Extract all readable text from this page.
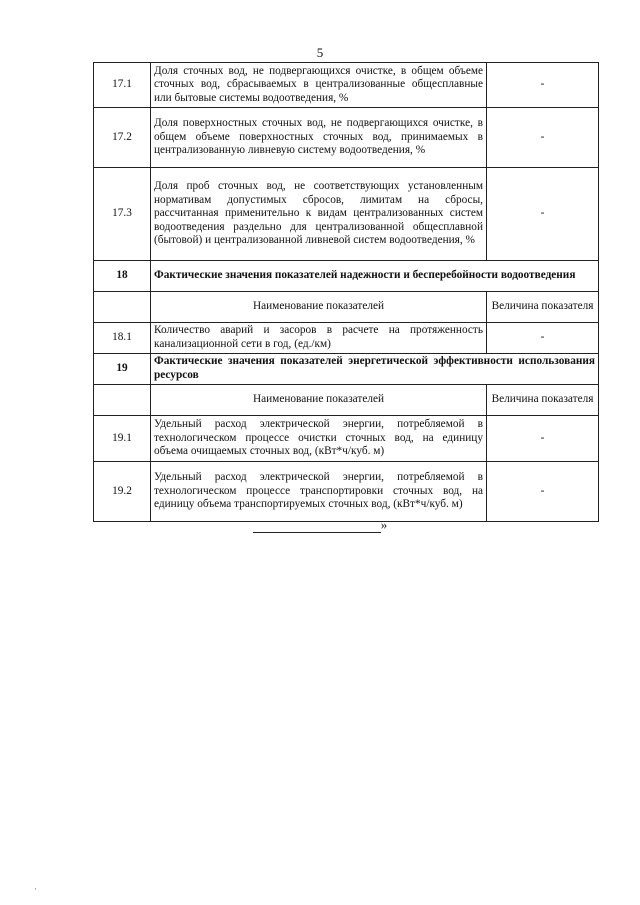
5
17.1	Доля сточных вод, не подвергающихся очистке, в общем объеме сточных вод, сбрасываемых в централизованные общесплавные или бытовые системы водоотведения, %	-
17.2	Доля поверхностных сточных вод, не подвергающихся очистке, в общем объеме поверхностных сточных вод, принимаемых в централизованную ливневую систему водоотведения, %	-
17.3	Доля проб сточных вод, не соответствующих установленным нормативам допустимых сбросов, лимитам на сбросы, рассчитанная применительно к видам централизованных систем водоотведения раздельно для централизованной общесплавной (бытовой) и централизованной ливневой систем водоотведения, %	-
18	Фактические значения показателей надежности и бесперебойности водоотведения	
	Наименование показателей	Величина показателя
18.1	Количество аварий и засоров в расчете на протяженность канализационной сети в год, (ед./км)	-
19	Фактические значения показателей энергетической эффективности использования ресурсов	
	Наименование показателей	Величина показателя
19.1	Удельный расход электрической энергии, потребляемой в технологическом процессе очистки сточных вод, на единицу объема очищаемых сточных вод, (кВт*ч/куб. м)	-
19.2	Удельный расход электрической энергии, потребляемой в технологическом процессе транспортировки сточных вод, на единицу объема транспортируемых сточных вод, (кВт*ч/куб. м)	-
»
·
